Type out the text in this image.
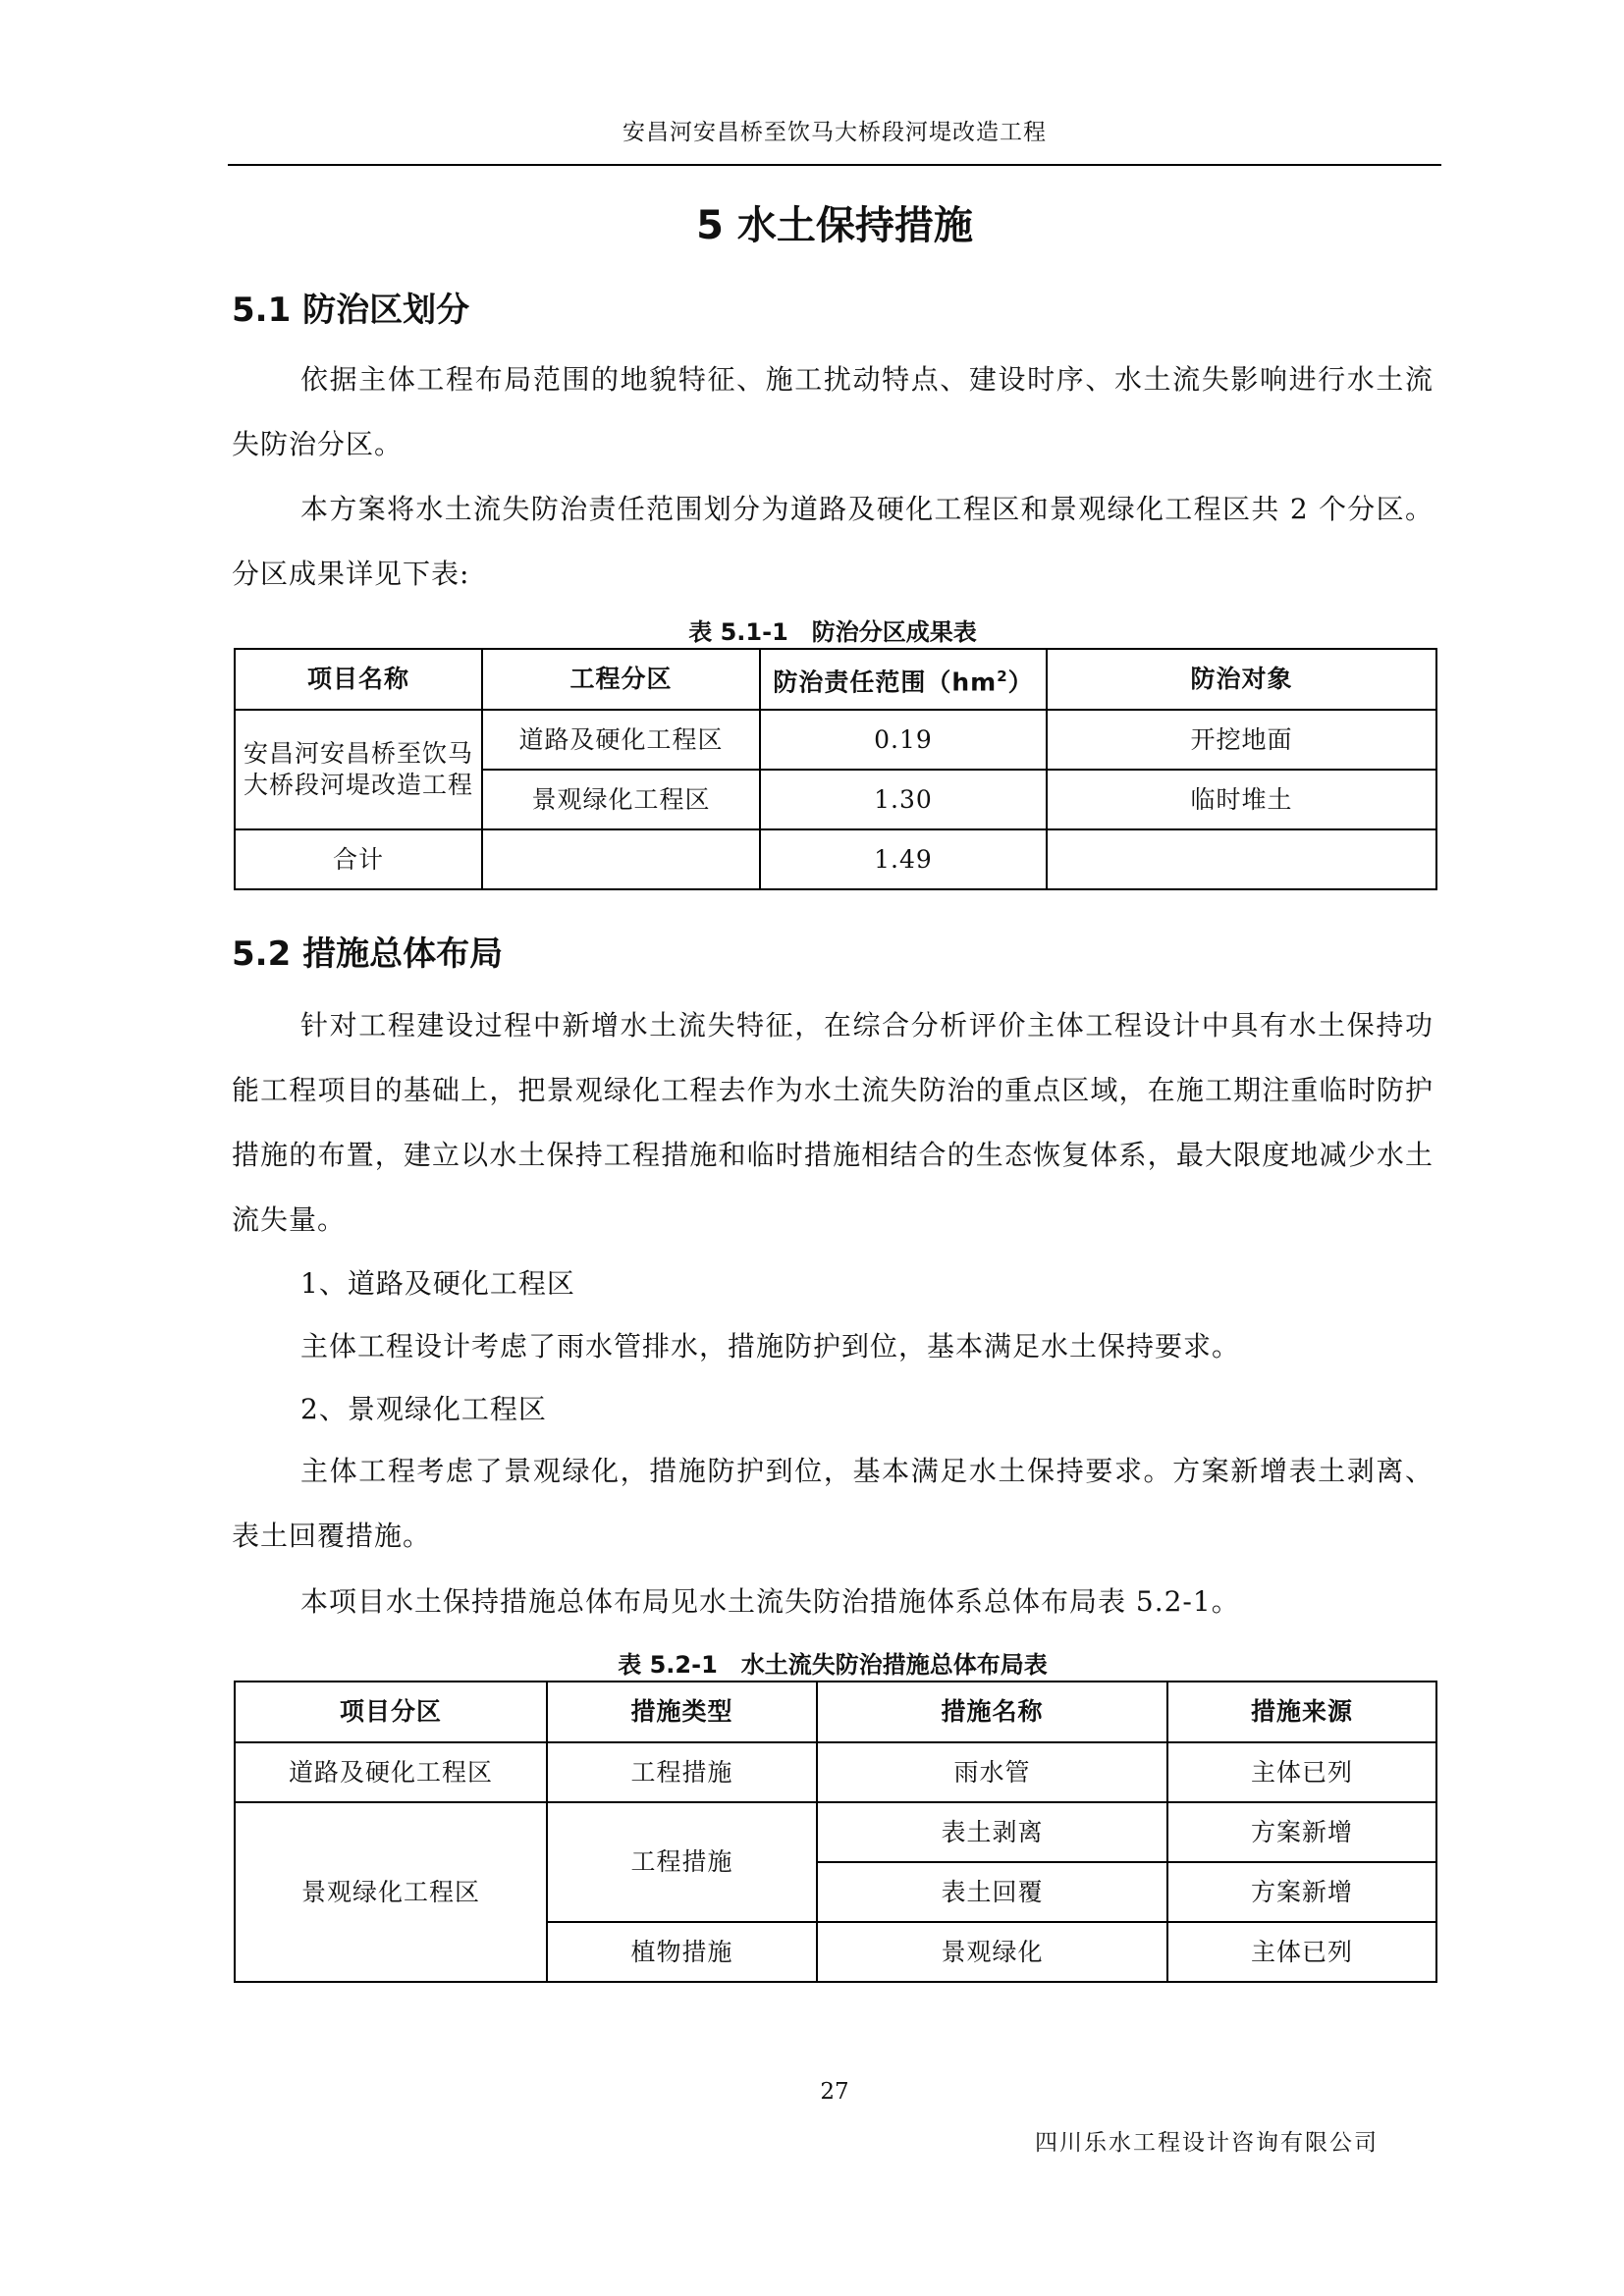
安昌河安昌桥至饮马大桥段河堤改造工程
5 水土保持措施
5.1 防治区划分
依据主体工程布局范围的地貌特征、施工扰动特点、建设时序、水土流失影响进行水土流失防治分区。
本方案将水土流失防治责任范围划分为道路及硬化工程区和景观绿化工程区共 2 个分区。分区成果详见下表:
表 5.1-1　防治分区成果表
项目名称	工程分区	防治责任范围$(hm^2)$	防治对象
安昌河安昌桥至饮马大桥段河堤改造工程	道路及硬化工程区	0.19	开挖地面
	景观绿化工程区	1.30	临时堆土
合计		1.49	
5.2 措施总体布局
针对工程建设过程中新增水土流失特征，在综合分析评价主体工程设计中具有水土保持功能工程项目的基础上，把景观绿化工程去作为水土流失防治的重点区域，在施工期注重临时防护措施的布置，建立以水土保持工程措施和临时措施相结合的生态恢复体系，最大限度地减少水土流失量。
1、道路及硬化工程区
主体工程设计考虑了雨水管排水，措施防护到位，基本满足水土保持要求。
2、景观绿化工程区
主体工程考虑了景观绿化，措施防护到位，基本满足水土保持要求。方案新增表土剥离、表土回覆措施。
本项目水土保持措施总体布局见水土流失防治措施体系总体布局表 5.2-1。
表 5.2-1　水土流失防治措施总体布局表
项目分区	措施类型	措施名称	措施来源
道路及硬化工程区	工程措施	雨水管	主体已列
景观绿化工程区	工程措施	表土剥离	方案新增
		表土回覆	方案新增
	植物措施	景观绿化	主体已列
27
四川乐水工程设计咨询有限公司
